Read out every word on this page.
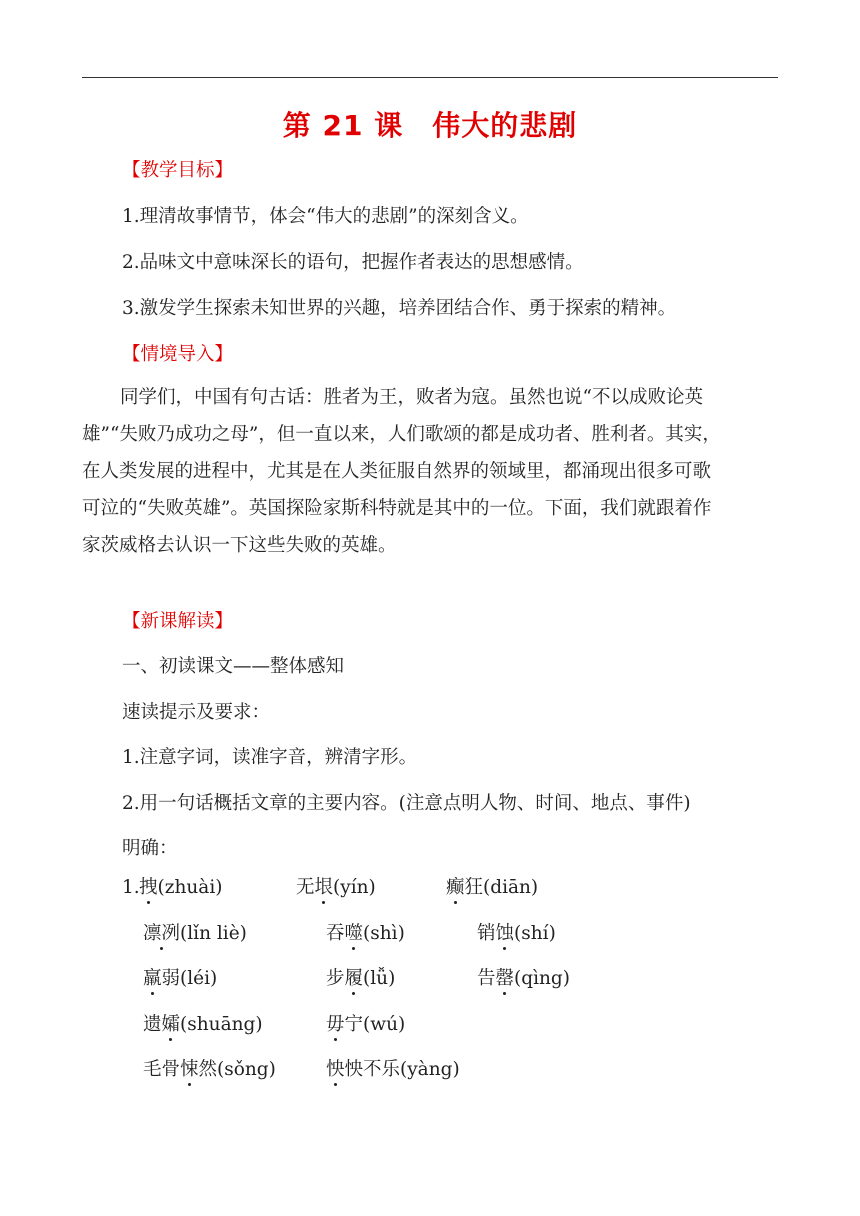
第 21 课　伟大的悲剧
【教学目标】
1.理清故事情节，体会“伟大的悲剧”的深刻含义。
2.品味文中意味深长的语句，把握作者表达的思想感情。
3.激发学生探索未知世界的兴趣，培养团结合作、勇于探索的精神。
【情境导入】
同学们，中国有句古话：胜者为王，败者为寇。虽然也说“不以成败论英
雄”“失败乃成功之母”，但一直以来，人们歌颂的都是成功者、胜利者。其实，
在人类发展的进程中，尤其是在人类征服自然界的领域里，都涌现出很多可歌
可泣的“失败英雄”。英国探险家斯科特就是其中的一位。下面，我们就跟着作
家茨威格去认识一下这些失败的英雄。
【新课解读】
一、初读课文——整体感知
速读提示及要求：
1.注意字词，读准字音，辨清字形。
2.用一句话概括文章的主要内容。(注意点明人物、时间、地点、事件)
明确：
1. 拽(zhuài)	无垠(yín)	癫狂(diān)
凛冽(lǐn liè)	吞噬(shì)	销蚀(shí)
羸弱(léi)	步履(lǚ)	告罄(qìng)
遗孀(shuāng)	毋宁(wú)
毛骨悚然(sǒng)	怏怏不乐(yàng)
